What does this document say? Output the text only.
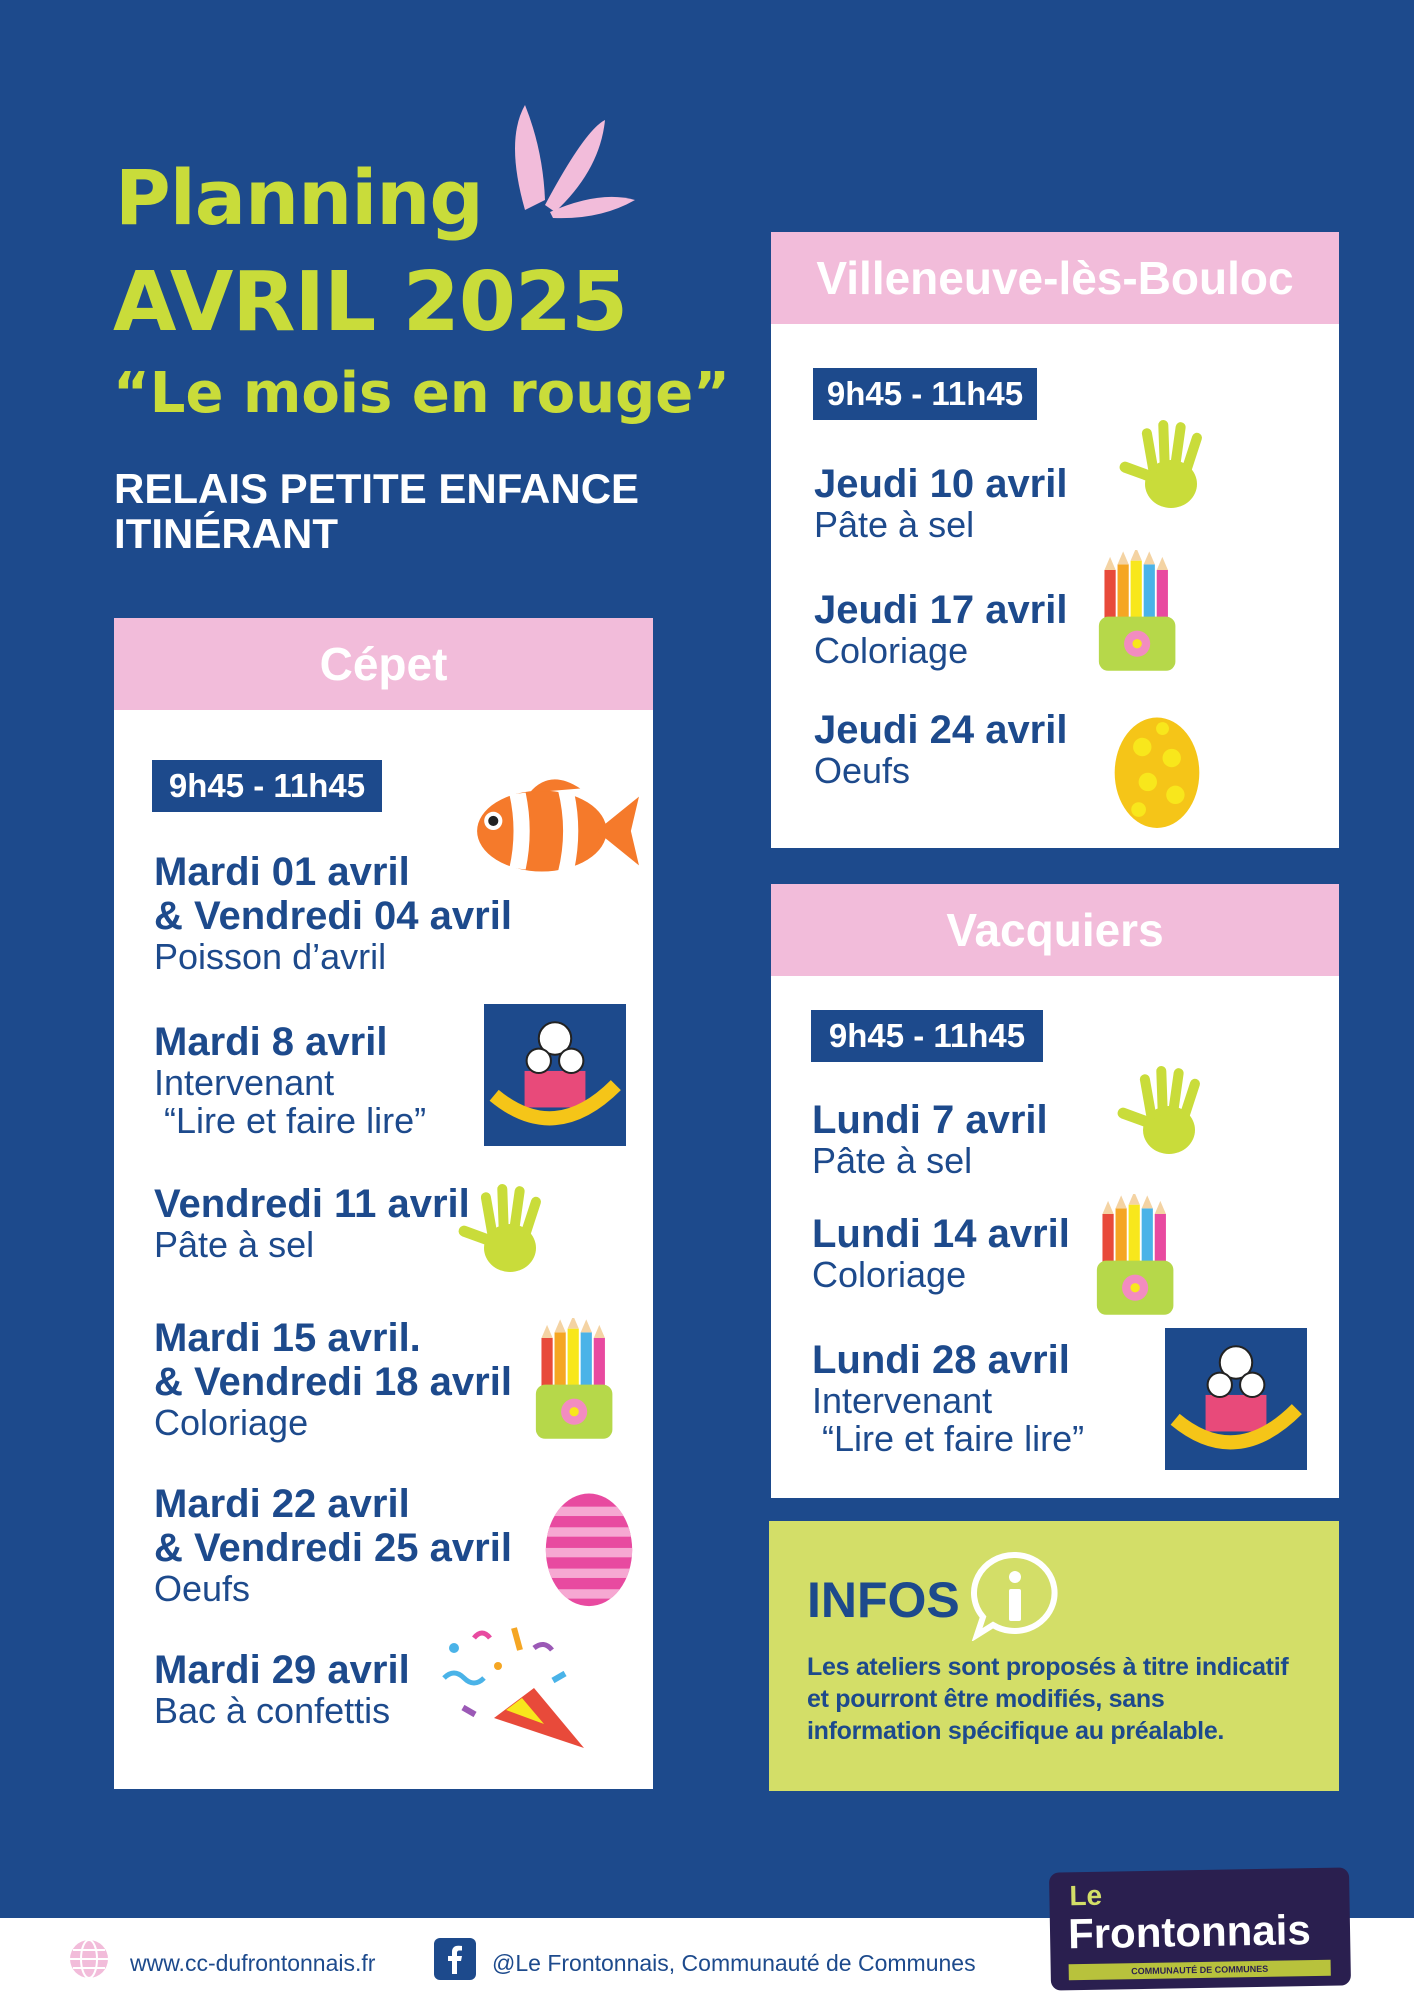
Planning
AVRIL 2025
“Le mois en rouge”
RELAIS PETITE ENFANCE
ITINÉRANT
Cépet
9h45 - 11h45
Mardi 01 avril
& Vendredi 04 avril
Poisson d’avril
Mardi 8 avril
Intervenant
“Lire et faire lire”
Vendredi 11 avril
Pâte à sel
Mardi 15 avril.
& Vendredi 18 avril
Coloriage
Mardi 22 avril
& Vendredi 25 avril
Oeufs
Mardi 29 avril
Bac à confettis
Villeneuve-lès-Bouloc
9h45 - 11h45
Jeudi 10 avril
Pâte à sel
Jeudi 17 avril
Coloriage
Jeudi 24 avril
Oeufs
Vacquiers
9h45 - 11h45
Lundi 7 avril
Pâte à sel
Lundi 14 avril
Coloriage
Lundi 28 avril
Intervenant
“Lire et faire lire”
INFOS
Les ateliers sont proposés à titre indicatif
et pourront être modifiés, sans
information spécifique au préalable.
www.cc-dufrontonnais.fr	@Le Frontonnais, Communauté de Communes
Le
Frontonnais
COMMUNAUTÉ DE COMMUNES
